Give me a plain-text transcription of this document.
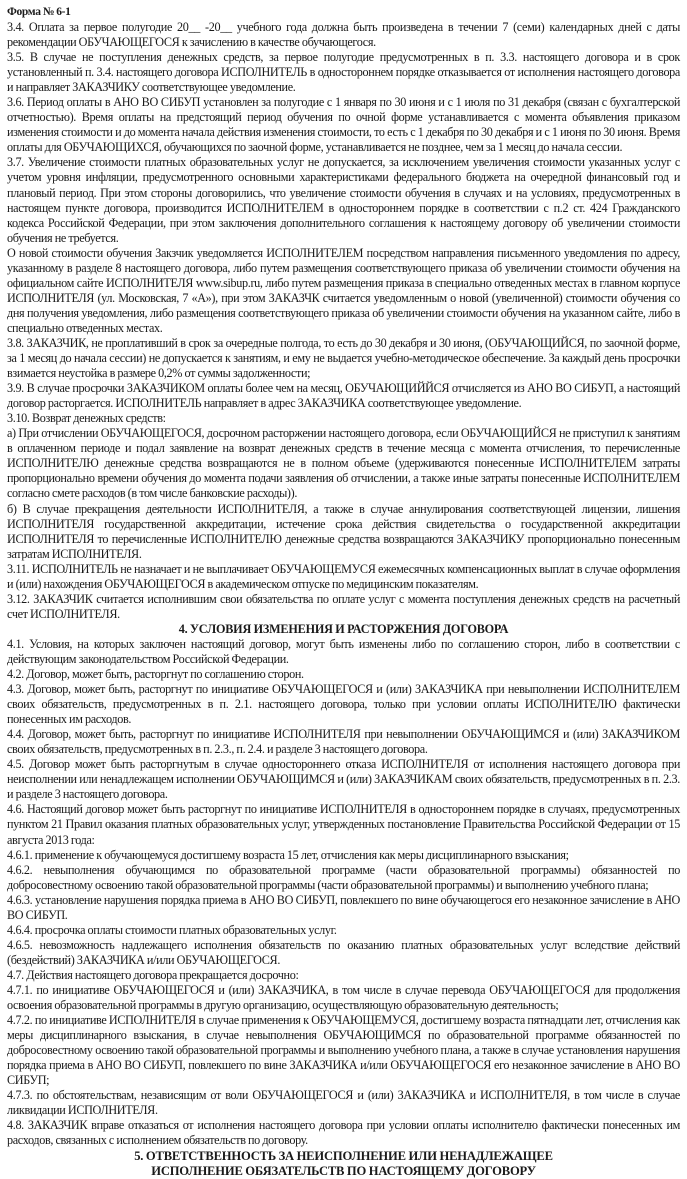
Форма № 6-1

3.4. Оплата за первое полугодие 20__ -20__ учебного года должна быть произведена в течении 7 (семи) календарных дней с даты рекомендации ОБУЧАЮЩЕГОСЯ к зачислению в качестве обучающегося.

3.5. В случае не поступления денежных средств, за первое полугодие предусмотренных в п. 3.3. настоящего договора и в срок установленный п. 3.4. настоящего договора ИСПОЛНИТЕЛЬ в одностороннем порядке отказывается от исполнения настоящего договора и направляет ЗАКАЗЧИКУ соответствующее уведомление.

3.6. Период оплаты в АНО ВО СИБУП установлен за полугодие с 1 января по 30 июня и с 1 июля по 31 декабря (связан с бухгалтерской отчетностью). Время оплаты на предстоящий период обучения по очной форме устанавливается с момента объявления приказом изменения стоимости и до момента начала действия изменения стоимости, то есть с 1 декабря по 30 декабря и с 1 июня по 30 июня. Время оплаты для ОБУЧАЮЩИХСЯ, обучающихся по заочной форме, устанавливается не позднее, чем за 1 месяц до начала сессии.

3.7. Увеличение стоимости платных образовательных услуг не допускается, за исключением увеличения стоимости указанных услуг с учетом уровня инфляции, предусмотренного основными характеристиками федерального бюджета на очередной финансовый год и плановый период. При этом стороны договорились, что увеличение стоимости обучения в случаях и на условиях, предусмотренных в настоящем пункте договора, производится ИСПОЛНИТЕЛЕМ в одностороннем порядке в соответствии с п.2 ст. 424 Гражданского кодекса Российской Федерации, при этом заключения дополнительного соглашения к настоящему договору об увеличении стоимости обучения не требуется.

О новой стоимости обучения Закзчик уведомляется ИСПОЛНИТЕЛЕМ посредством направления письменного уведомления по адресу, указанному в разделе 8 настоящего договора, либо путем размещения соответствующего приказа об увеличении стоимости обучения на официальном сайте ИСПОЛНИТЕЛЯ www.sibup.ru, либо путем размещения приказа в специально отведенных местах в главном корпусе ИСПОЛНИТЕЛЯ (ул. Московская, 7 «А»), при этом ЗАКАЗЧК считается уведомленным о новой (увеличенной) стоимости обучения со дня получения уведомления, либо размещения соответствующего приказа об увеличении стоимости обучения на указанном сайте, либо в специально отведенных местах.

3.8. ЗАКАЗЧИК, не проплативший в срок за очередные полгода, то есть до 30 декабря и 30 июня, (ОБУЧАЮЩИЙСЯ, по заочной форме, за 1 месяц до начала сессии) не допускается к занятиям, и ему не выдается учебно-методическое обеспечение. За каждый день просрочки взимается неустойка в размере 0,2% от суммы задолженности;

3.9. В случае просрочки ЗАКАЗЧИКОМ оплаты более чем на месяц, ОБУЧАЮЩИЙЙСЯ отчисляется из АНО ВО СИБУП, а настоящий договор расторгается. ИСПОЛНИТЕЛЬ направляет в адрес ЗАКАЗЧИКА соответствующее уведомление.

3.10. Возврат денежных средств:

а) При отчислении ОБУЧАЮЩЕГОСЯ, досрочном расторжении настоящего договора, если ОБУЧАЮЩИЙСЯ не приступил к занятиям в оплаченном периоде и подал заявление на возврат денежных средств в течение месяца с момента отчисления, то перечисленные ИСПОЛНИТЕЛЮ денежные средства возвращаются не в полном объеме (удерживаются понесенные ИСПОЛНИТЕЛЕМ затраты пропорционально времени обучения до момента подачи заявления об отчислении, а также иные затраты понесенные ИСПОЛНИТЕЛЕМ согласно смете расходов (в том числе банковские расходы)).

б) В случае прекращения деятельности ИСПОЛНИТЕЛЯ, а также в случае аннулирования соответствующей лицензии, лишения ИСПОЛНИТЕЛЯ государственной аккредитации, истечение срока действия свидетельства о государственной аккредитации ИСПОЛНИТЕЛЯ то перечисленные ИСПОЛНИТЕЛЮ денежные средства возвращаются ЗАКАЗЧИКУ пропорционально понесенным затратам ИСПОЛНИТЕЛЯ.

3.11. ИСПОЛНИТЕЛЬ не назначает и не выплачивает ОБУЧАЮЩЕМУСЯ ежемесячных компенсационных выплат в случае оформления и (или) нахождения ОБУЧАЮЩЕГОСЯ в академическом отпуске по медицинским показателям.

3.12. ЗАКАЗЧИК считается исполнившим свои обязательства по оплате услуг с момента поступления денежных средств на расчетный счет ИСПОЛНИТЕЛЯ.

4. УСЛОВИЯ ИЗМЕНЕНИЯ И РАСТОРЖЕНИЯ ДОГОВОРА

4.1. Условия, на которых заключен настоящий договор, могут быть изменены либо по соглашению сторон, либо в соответствии с действующим законодательством Российской Федерации.

4.2. Договор, может быть, расторгнут по соглашению сторон.

4.3. Договор, может быть, расторгнут по инициативе ОБУЧАЮЩЕГОСЯ и (или) ЗАКАЗЧИКА при невыполнении ИСПОЛНИТЕЛЕМ своих обязательств, предусмотренных в п. 2.1. настоящего договора, только при условии оплаты ИСПОЛНИТЕЛЮ фактически понесенных им расходов.

4.4. Договор, может быть, расторгнут по инициативе ИСПОЛНИТЕЛЯ при невыполнении ОБУЧАЮЩИМСЯ и (или) ЗАКАЗЧИКОМ своих обязательств, предусмотренных в п. 2.3., п. 2.4. и разделе 3 настоящего договора.

4.5. Договор может быть расторгнутым в случае одностороннего отказа ИСПОЛНИТЕЛЯ от исполнения настоящего договора при неисполнении или ненадлежащем исполнении ОБУЧАЮЩИМСЯ и (или) ЗАКАЗЧИКАМ своих обязательств, предусмотренных в п. 2.3. и разделе 3 настоящего договора.

4.6. Настоящий договор может быть расторгнут по инициативе ИСПОЛНИТЕЛЯ в одностороннем порядке в случаях, предусмотренных пунктом 21 Правил оказания платных образовательных услуг, утвержденных постановление Правительства Российской Федерации от 15 августа 2013 года:

4.6.1. применение к обучающемуся достигшему возраста 15 лет, отчисления как меры дисциплинарного взыскания;

4.6.2. невыполнения обучающимся по образовательной программе (части образовательной программы) обязанностей по добросовестному освоению такой образовательной программы (части образовательной программы) и выполнению учебного плана;

4.6.3. установление нарушения порядка приема в АНО ВО СИБУП, повлекшего по вине обучающегося его незаконное зачисление в АНО ВО СИБУП.

4.6.4. просрочка оплаты стоимости платных образовательных услуг.

4.6.5. невозможность надлежащего исполнения обязательств по оказанию платных образовательных услуг вследствие действий (бездействий) ЗАКАЗЧИКА и/или ОБУЧАЮЩЕГОСЯ.

4.7. Действия настоящего договора прекращается досрочно:

4.7.1. по инициативе ОБУЧАЮЩЕГОСЯ и (или) ЗАКАЗЧИКА, в том числе в случае перевода ОБУЧАЮЩЕГОСЯ для продолжения освоения образовательной программы в другую организацию, осуществляющую образовательную деятельность;

4.7.2. по инициативе ИСПОЛНИТЕЛЯ в случае применения к ОБУЧАЮЩЕМУСЯ, достигшему возраста пятнадцати лет, отчисления как меры дисциплинарного взыскания, в случае невыполнения ОБУЧАЮЩИМСЯ по образовательной программе обязанностей по добросовестному освоению такой образовательной программы и выполнению учебного плана, а также в случае установления нарушения порядка приема в АНО ВО СИБУП, повлекшего по вине ЗАКАЗЧИКА и/или ОБУЧАЮЩЕГОСЯ его незаконное зачисление в АНО ВО СИБУП;

4.7.3. по обстоятельствам, независящим от воли ОБУЧАЮЩЕГОСЯ и (или) ЗАКАЗЧИКА и ИСПОЛНИТЕЛЯ, в том числе в случае ликвидации ИСПОЛНИТЕЛЯ.

4.8. ЗАКАЗЧИК вправе отказаться от исполнения настоящего договора при условии оплаты исполнителю фактически понесенных им расходов, связанных с исполнением обязательств по договору.

5. ОТВЕТСТВЕННОСТЬ ЗА НЕИСПОЛНЕНИЕ ИЛИ НЕНАДЛЕЖАЩЕЕ

ИСПОЛНЕНИЕ ОБЯЗАТЕЛЬСТВ ПО НАСТОЯЩЕМУ ДОГОВОРУ
